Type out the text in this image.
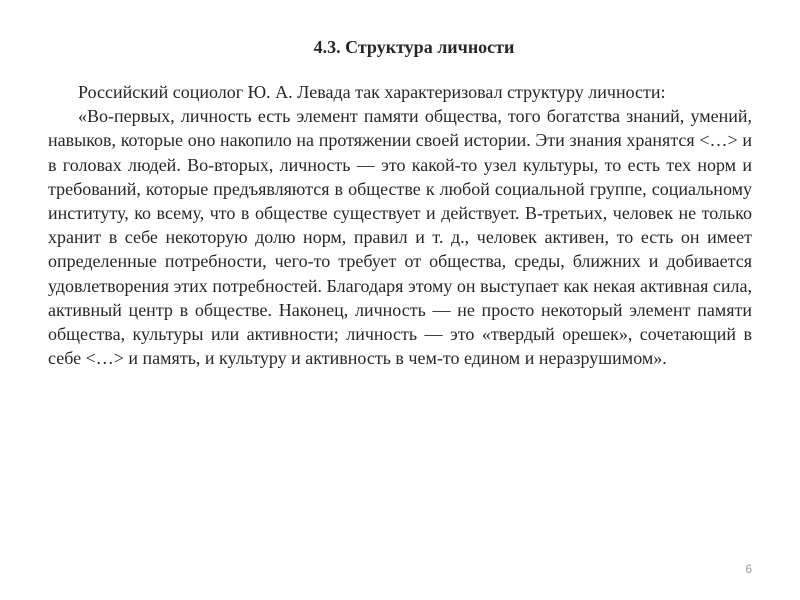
4.3. Структура личности

Российский социолог Ю. А. Левада так характеризовал структуру личности:

«Во-первых, личность есть элемент памяти общества, того богатства знаний, умений, навыков, которые оно накопило на протяжении своей истории. Эти знания хранятся <…> и в головах людей. Во-вторых, личность — это какой-то узел культуры, то есть тех норм и требований, которые предъявляются в обществе к любой социальной группе, социальному институту, ко всему, что в обществе существует и действует. В-третьих, человек не только хранит в себе некоторую долю норм, правил и т. д., человек активен, то есть он имеет определенные потребности, чего-то требует от общества, среды, ближних и добивается удовлетворения этих потребностей. Благодаря этому он выступает как некая активная сила, активный центр в обществе. Наконец, личность — не просто некоторый элемент памяти общества, культуры или активности; личность — это «твердый орешек», сочетающий в себе <…> и память, и культуру и активность в чем-то едином и неразрушимом».

6
